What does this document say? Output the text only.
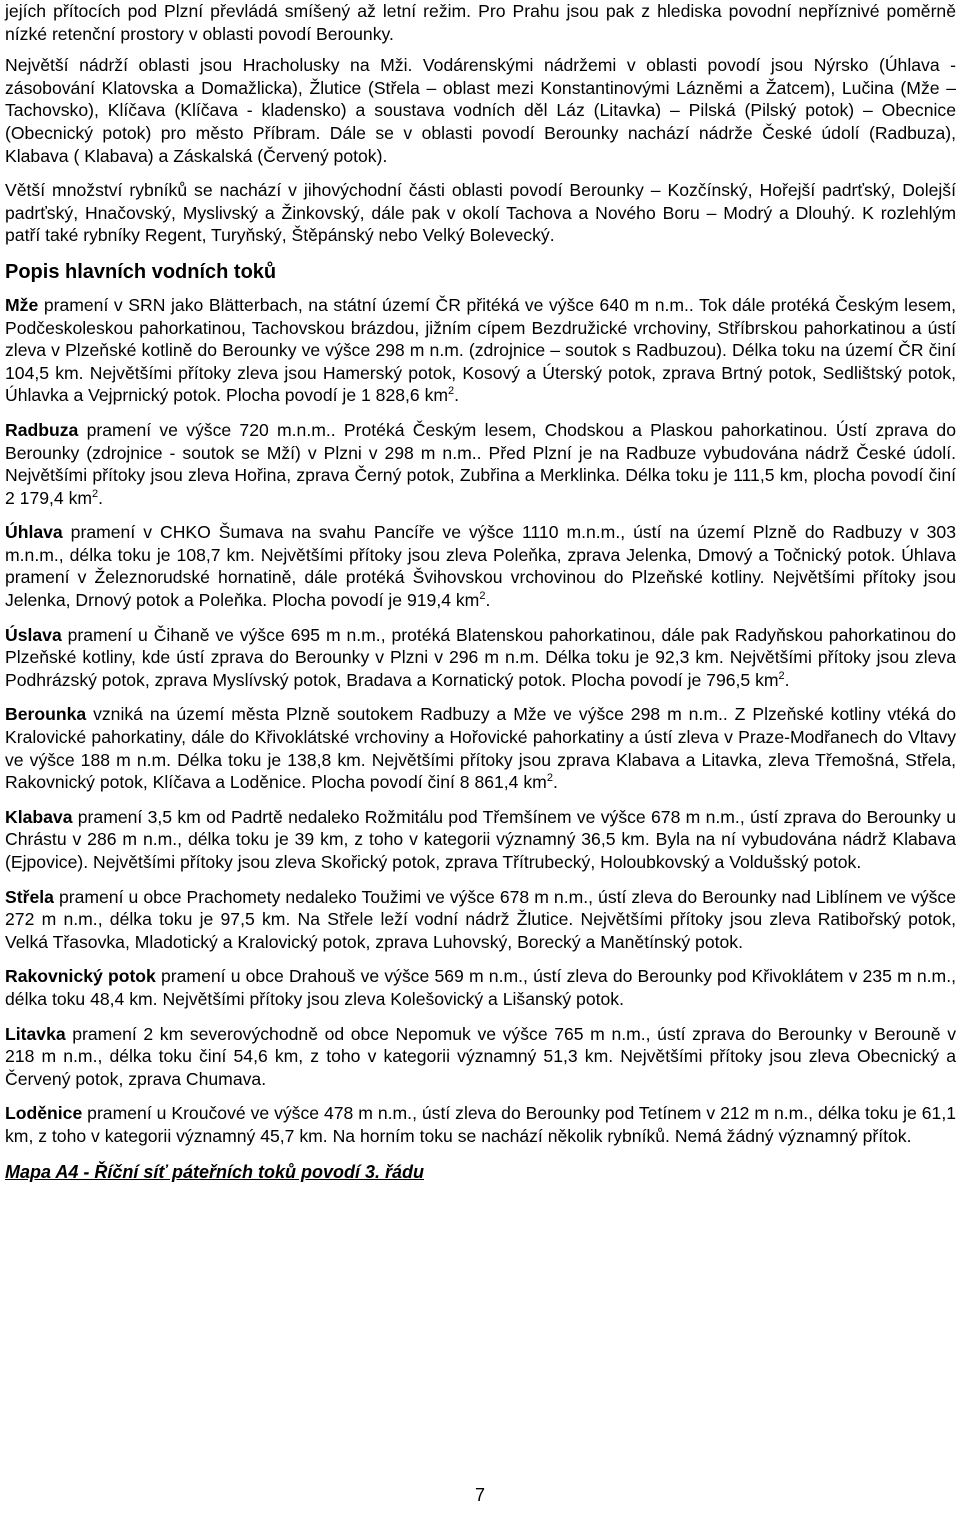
jejích přítocích pod Plzní převládá smíšený až letní režim. Pro Prahu jsou pak z hlediska povodní nepříznivé poměrně nízké retenční prostory v oblasti povodí Berounky.

Největší nádrží oblasti jsou Hracholusky na Mži. Vodárenskými nádržemi v oblasti povodí jsou Nýrsko (Úhlava - zásobování Klatovska a Domažlicka), Žlutice (Střela – oblast mezi Konstantinovými Lázněmi a Žatcem), Lučina (Mže – Tachovsko), Klíčava (Klíčava - kladensko) a soustava vodních děl Láz (Litavka) – Pilská (Pilský potok) – Obecnice (Obecnický potok) pro město Příbram. Dále se v oblasti povodí Berounky nachází nádrže České údolí (Radbuza), Klabava ( Klabava) a Záskalská (Červený potok).

Větší množství rybníků se nachází v jihovýchodní části oblasti povodí Berounky – Kozčínský, Hořejší padrťský, Dolejší padrťský, Hnačovský, Myslivský a Žinkovský, dále pak v okolí Tachova a Nového Boru – Modrý a Dlouhý. K rozlehlým patří také rybníky Regent, Turyňský, Štěpánský nebo Velký Bolevecký.

Popis hlavních vodních toků

Mže pramení v SRN jako Blätterbach, na státní území ČR přitéká ve výšce 640 m n.m.. Tok dále protéká Českým lesem, Podčeskoleskou pahorkatinou, Tachovskou brázdou, jižním cípem Bezdružické vrchoviny, Stříbrskou pahorkatinou a ústí zleva v Plzeňské kotlině do Berounky ve výšce 298 m n.m. (zdrojnice – soutok s Radbuzou). Délka toku na území ČR činí 104,5 km. Největšími přítoky zleva jsou Hamerský potok, Kosový a Úterský potok, zprava Brtný potok, Sedlištský potok, Úhlavka a Vejprnický potok. Plocha povodí je 1 828,6 $km^2$.

Radbuza pramení ve výšce 720 m.n.m.. Protéká Českým lesem, Chodskou a Plaskou pahorkatinou. Ústí zprava do Berounky (zdrojnice - soutok se Mží) v Plzni v 298 m n.m.. Před Plzní je na Radbuze vybudována nádrž České údolí. Největšími přítoky jsou zleva Hořina, zprava Černý potok, Zubřina a Merklinka. Délka toku je 111,5 km, plocha povodí činí 2 179,4 $km^2$.

Úhlava pramení v CHKO Šumava na svahu Pancíře ve výšce 1110 m.n.m., ústí na území Plzně do Radbuzy v 303 m.n.m., délka toku je 108,7 km. Největšími přítoky jsou zleva Poleňka, zprava Jelenka, Dmový a Točnický potok. Úhlava pramení v Železnorudské hornatině, dále protéká Švihovskou vrchovinou do Plzeňské kotliny. Největšími přítoky jsou Jelenka, Drnový potok a Poleňka. Plocha povodí je 919,4 $km^2$.

Úslava pramení u Čihaně ve výšce 695 m n.m., protéká Blatenskou pahorkatinou, dále pak Radyňskou pahorkatinou do Plzeňské kotliny, kde ústí zprava do Berounky v Plzni v 296 m n.m. Délka toku je 92,3 km. Největšími přítoky jsou zleva Podhrázský potok, zprava Myslívský potok, Bradava a Kornatický potok. Plocha povodí je 796,5 $km^2$.

Berounka vzniká na území města Plzně soutokem Radbuzy a Mže ve výšce 298 m n.m.. Z Plzeňské kotliny vtéká do Kralovické pahorkatiny, dále do Křivoklátské vrchoviny a Hořovické pahorkatiny a ústí zleva v Praze-Modřanech do Vltavy ve výšce 188 m n.m. Délka toku je 138,8 km. Největšími přítoky jsou zprava Klabava a Litavka, zleva Třemošná, Střela, Rakovnický potok, Klíčava a Loděnice. Plocha povodí činí 8 861,4 $km^2$.

Klabava pramení 3,5 km od Padrtě nedaleko Rožmitálu pod Třemšínem ve výšce 678 m n.m., ústí zprava do Berounky u Chrástu v 286 m n.m., délka toku je 39 km, z toho v kategorii významný 36,5 km. Byla na ní vybudována nádrž Klabava (Ejpovice). Největšími přítoky jsou zleva Skořický potok, zprava Třítrubecký, Holoubkovský a Voldušský potok.

Střela pramení u obce Prachomety nedaleko Toužimi ve výšce 678 m n.m., ústí zleva do Berounky nad Liblínem ve výšce 272 m n.m., délka toku je 97,5 km. Na Střele leží vodní nádrž Žlutice. Největšími přítoky jsou zleva Ratibořský potok, Velká Třasovka, Mladotický a Kralovický potok, zprava Luhovský, Borecký a Manětínský potok.

Rakovnický potok pramení u obce Drahouš ve výšce 569 m n.m., ústí zleva do Berounky pod Křivoklátem v 235 m n.m., délka toku 48,4 km. Největšími přítoky jsou zleva Kolešovický a Lišanský potok.

Litavka pramení 2 km severovýchodně od obce Nepomuk ve výšce 765 m n.m., ústí zprava do Berounky v Berouně v 218 m n.m., délka toku činí 54,6 km, z toho v kategorii významný 51,3 km. Největšími přítoky jsou zleva Obecnický a Červený potok, zprava Chumava.

Loděnice pramení u Kroučové ve výšce 478 m n.m., ústí zleva do Berounky pod Tetínem v 212 m n.m., délka toku je 61,1 km, z toho v kategorii významný 45,7 km. Na horním toku se nachází několik rybníků. Nemá žádný významný přítok.

Mapa A4 - Říční síť páteřních toků povodí 3. řádu
7
